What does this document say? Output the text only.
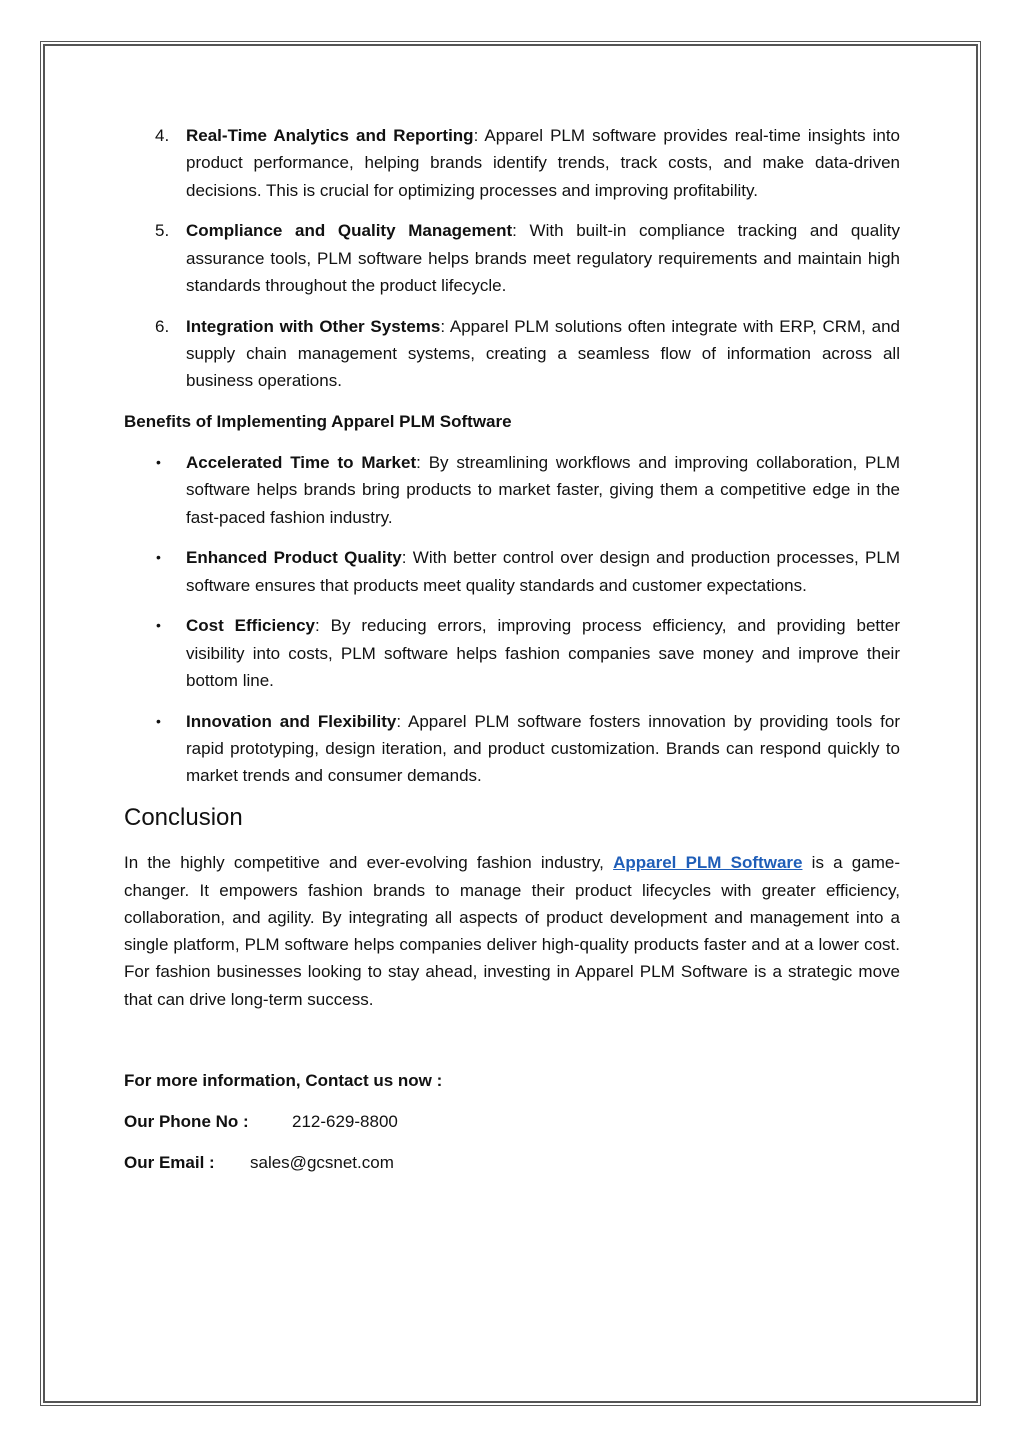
4. Real-Time Analytics and Reporting: Apparel PLM software provides real-time insights into product performance, helping brands identify trends, track costs, and make data-driven decisions. This is crucial for optimizing processes and improving profitability.
5. Compliance and Quality Management: With built-in compliance tracking and quality assurance tools, PLM software helps brands meet regulatory requirements and maintain high standards throughout the product lifecycle.
6. Integration with Other Systems: Apparel PLM solutions often integrate with ERP, CRM, and supply chain management systems, creating a seamless flow of information across all business operations.

Benefits of Implementing Apparel PLM Software

• Accelerated Time to Market: By streamlining workflows and improving collaboration, PLM software helps brands bring products to market faster, giving them a competitive edge in the fast-paced fashion industry.
• Enhanced Product Quality: With better control over design and production processes, PLM software ensures that products meet quality standards and customer expectations.
• Cost Efficiency: By reducing errors, improving process efficiency, and providing better visibility into costs, PLM software helps fashion companies save money and improve their bottom line.
• Innovation and Flexibility: Apparel PLM software fosters innovation by providing tools for rapid prototyping, design iteration, and product customization. Brands can respond quickly to market trends and consumer demands.
Conclusion

In the highly competitive and ever-evolving fashion industry, Apparel PLM Software is a game-changer. It empowers fashion brands to manage their product lifecycles with greater efficiency, collaboration, and agility. By integrating all aspects of product development and management into a single platform, PLM software helps companies deliver high-quality products faster and at a lower cost. For fashion businesses looking to stay ahead, investing in Apparel PLM Software is a strategic move that can drive long-term success.

For more information, Contact us now :

Our Phone No :	212-629-8800
Our Email :	sales@gcsnet.com
